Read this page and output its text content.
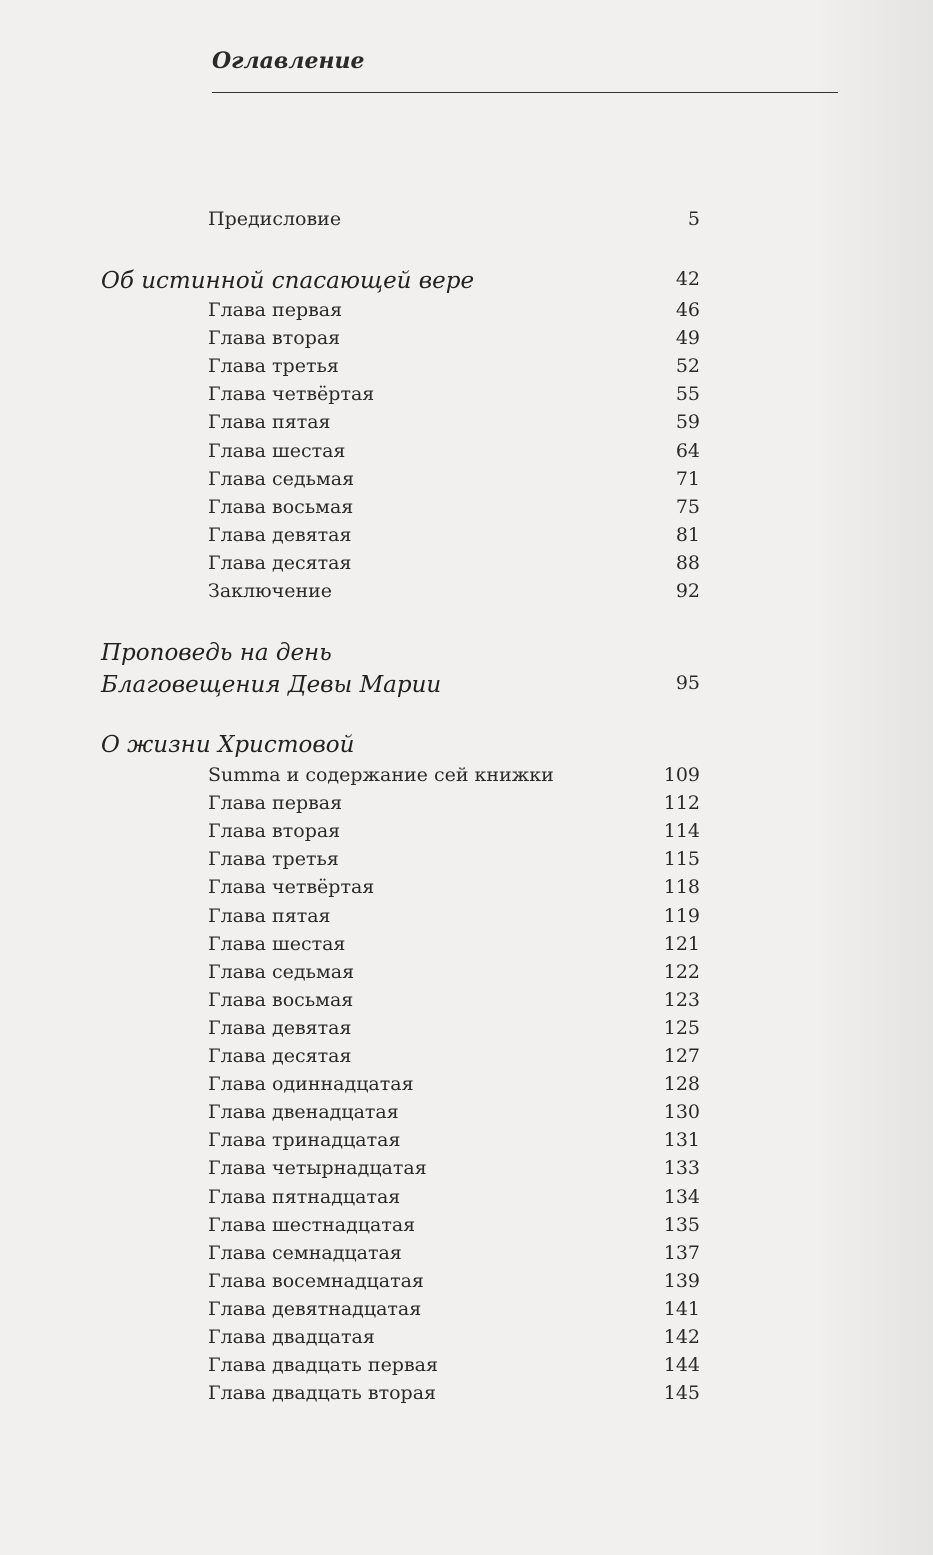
Оглавление
Предисловие	5
Об истинной спасающей вере	42
Глава первая	46
Глава вторая	49
Глава третья	52
Глава четвёртая	55
Глава пятая	59
Глава шестая	64
Глава седьмая	71
Глава восьмая	75
Глава девятая	81
Глава десятая	88
Заключение	92
Проповедь на день
Благовещения Девы Марии	95
О жизни Христовой
Summa и содержание сей книжки	109
Глава первая	112
Глава вторая	114
Глава третья	115
Глава четвёртая	118
Глава пятая	119
Глава шестая	121
Глава седьмая	122
Глава восьмая	123
Глава девятая	125
Глава десятая	127
Глава одиннадцатая	128
Глава двенадцатая	130
Глава тринадцатая	131
Глава четырнадцатая	133
Глава пятнадцатая	134
Глава шестнадцатая	135
Глава семнадцатая	137
Глава восемнадцатая	139
Глава девятнадцатая	141
Глава двадцатая	142
Глава двадцать первая	144
Глава двадцать вторая	145
